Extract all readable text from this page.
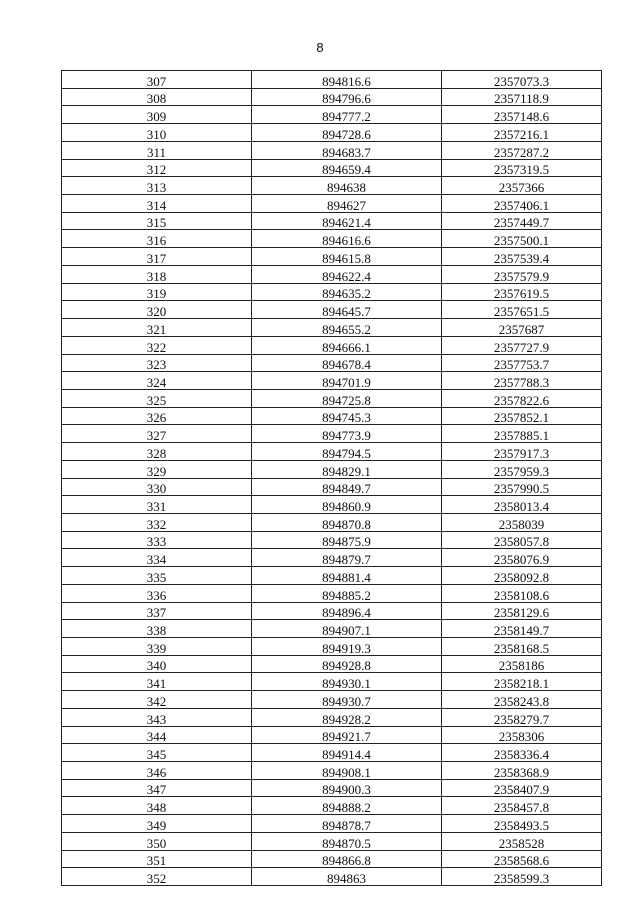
8
307	894816.6	2357073.3
308	894796.6	2357118.9
309	894777.2	2357148.6
310	894728.6	2357216.1
311	894683.7	2357287.2
312	894659.4	2357319.5
313	894638	2357366
314	894627	2357406.1
315	894621.4	2357449.7
316	894616.6	2357500.1
317	894615.8	2357539.4
318	894622.4	2357579.9
319	894635.2	2357619.5
320	894645.7	2357651.5
321	894655.2	2357687
322	894666.1	2357727.9
323	894678.4	2357753.7
324	894701.9	2357788.3
325	894725.8	2357822.6
326	894745.3	2357852.1
327	894773.9	2357885.1
328	894794.5	2357917.3
329	894829.1	2357959.3
330	894849.7	2357990.5
331	894860.9	2358013.4
332	894870.8	2358039
333	894875.9	2358057.8
334	894879.7	2358076.9
335	894881.4	2358092.8
336	894885.2	2358108.6
337	894896.4	2358129.6
338	894907.1	2358149.7
339	894919.3	2358168.5
340	894928.8	2358186
341	894930.1	2358218.1
342	894930.7	2358243.8
343	894928.2	2358279.7
344	894921.7	2358306
345	894914.4	2358336.4
346	894908.1	2358368.9
347	894900.3	2358407.9
348	894888.2	2358457.8
349	894878.7	2358493.5
350	894870.5	2358528
351	894866.8	2358568.6
352	894863	2358599.3
